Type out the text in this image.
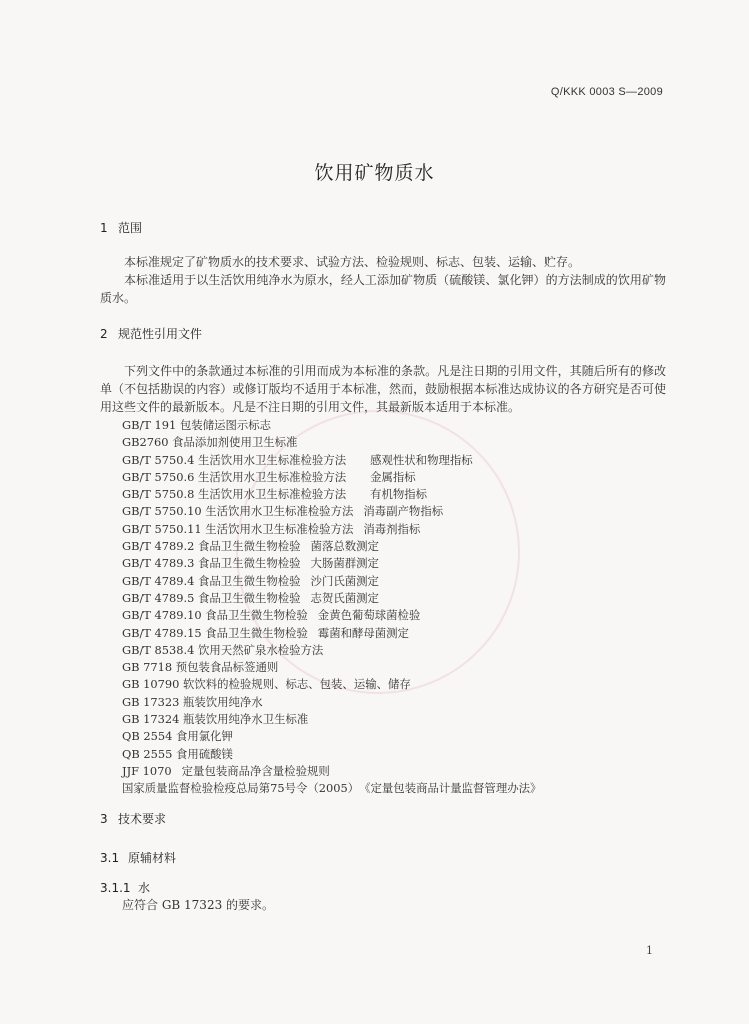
Q/KKK 0003 S—2009
饮用矿物质水
1 范围

本标准规定了矿物质水的技术要求、试验方法、检验规则、标志、包装、运输、贮存。

本标准适用于以生活饮用纯净水为原水，经人工添加矿物质（硫酸镁、氯化钾）的方法制成的饮用矿物质水。

2 规范性引用文件

下列文件中的条款通过本标准的引用而成为本标准的条款。凡是注日期的引用文件，其随后所有的修改单（不包括勘误的内容）或修订版均不适用于本标准，然而，鼓励根据本标准达成协议的各方研究是否可使用这些文件的最新版本。凡是不注日期的引用文件，其最新版本适用于本标准。

GB/T 191 包装储运图示标志
GB2760 食品添加剂使用卫生标准
GB/T 5750.4 生活饮用水卫生标准检验方法 感观性状和物理指标
GB/T 5750.6 生活饮用水卫生标准检验方法 金属指标
GB/T 5750.8 生活饮用水卫生标准检验方法 有机物指标
GB/T 5750.10 生活饮用水卫生标准检验方法 消毒副产物指标
GB/T 5750.11 生活饮用水卫生标准检验方法 消毒剂指标
GB/T 4789.2 食品卫生微生物检验 菌落总数测定
GB/T 4789.3 食品卫生微生物检验 大肠菌群测定
GB/T 4789.4 食品卫生微生物检验 沙门氏菌测定
GB/T 4789.5 食品卫生微生物检验 志贺氏菌测定
GB/T 4789.10 食品卫生微生物检验 金黄色葡萄球菌检验
GB/T 4789.15 食品卫生微生物检验 霉菌和酵母菌测定
GB/T 8538.4 饮用天然矿泉水检验方法
GB 7718 预包装食品标签通则
GB 10790 软饮料的检验规则、标志、包装、运输、储存
GB 17323 瓶装饮用纯净水
GB 17324 瓶装饮用纯净水卫生标准
QB 2554 食用氯化钾
QB 2555 食用硫酸镁
JJF 1070 定量包装商品净含量检验规则
国家质量监督检验检疫总局第75号令（2005）《定量包装商品计量监督管理办法》
3 技术要求
3.1 原辅材料
3.1.1 水
应符合 GB 17323 的要求。
1
